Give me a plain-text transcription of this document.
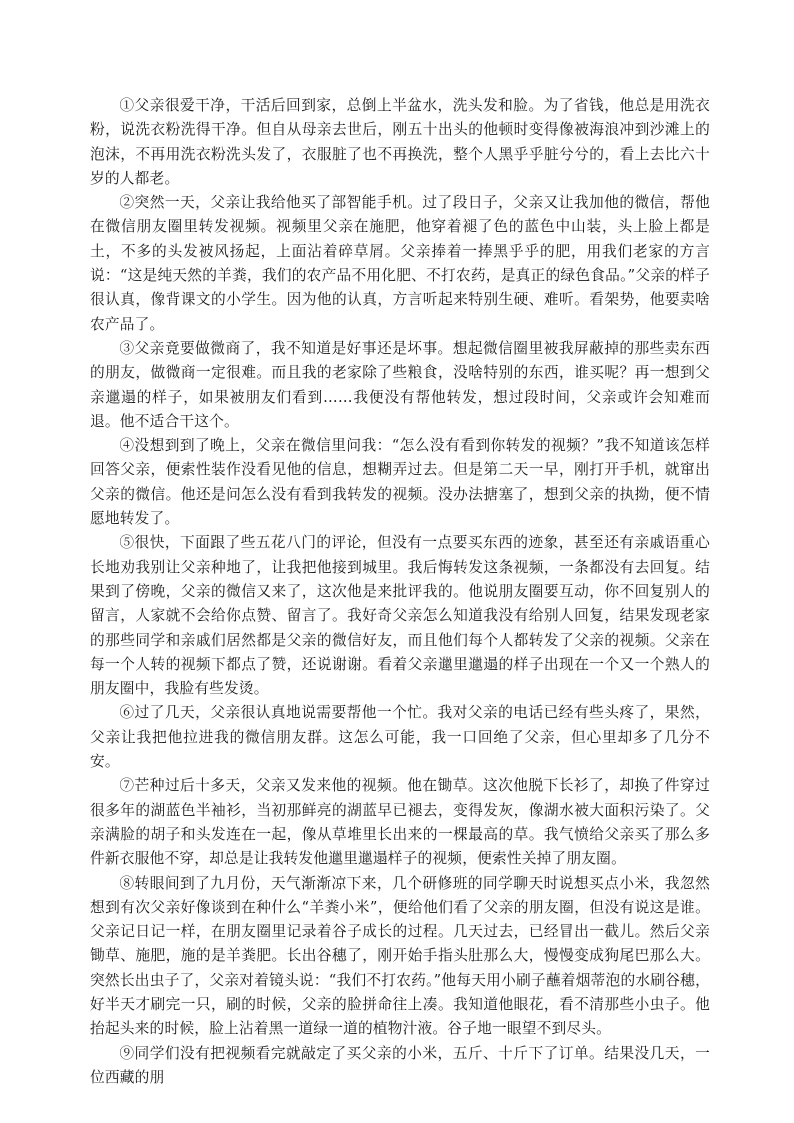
①父亲很爱干净，干活后回到家，总倒上半盆水，洗头发和脸。为了省钱，他总是用洗衣粉，说洗衣粉洗得干净。但自从母亲去世后，刚五十出头的他顿时变得像被海浪冲到沙滩上的泡沫，不再用洗衣粉洗头发了，衣服脏了也不再换洗，整个人黑乎乎脏兮兮的，看上去比六十岁的人都老。

②突然一天，父亲让我给他买了部智能手机。过了段日子，父亲又让我加他的微信，帮他在微信朋友圈里转发视频。视频里父亲在施肥，他穿着褪了色的蓝色中山装，头上脸上都是土，不多的头发被风扬起，上面沾着碎草屑。父亲捧着一捧黑乎乎的肥，用我们老家的方言说：“这是纯天然的羊粪，我们的农产品不用化肥、不打农药，是真正的绿色食品。”父亲的样子很认真，像背课文的小学生。因为他的认真，方言听起来特别生硬、难听。看架势，他要卖啥农产品了。

③父亲竟要做微商了，我不知道是好事还是坏事。想起微信圈里被我屏蔽掉的那些卖东西的朋友，做微商一定很难。而且我的老家除了些粮食，没啥特别的东西，谁买呢？再一想到父亲邋遢的样子，如果被朋友们看到……我便没有帮他转发，想过段时间，父亲或许会知难而退。他不适合干这个。

④没想到到了晚上，父亲在微信里问我：“怎么没有看到你转发的视频？”我不知道该怎样回答父亲，便索性装作没看见他的信息，想糊弄过去。但是第二天一早，刚打开手机，就窜出父亲的微信。他还是问怎么没有看到我转发的视频。没办法搪塞了，想到父亲的执拗，便不情愿地转发了。

⑤很快，下面跟了些五花八门的评论，但没有一点要买东西的迹象，甚至还有亲戚语重心长地劝我别让父亲种地了，让我把他接到城里。我后悔转发这条视频，一条都没有去回复。结果到了傍晚，父亲的微信又来了，这次他是来批评我的。他说朋友圈要互动，你不回复别人的留言，人家就不会给你点赞、留言了。我好奇父亲怎么知道我没有给别人回复，结果发现老家的那些同学和亲戚们居然都是父亲的微信好友，而且他们每个人都转发了父亲的视频。父亲在每一个人转的视频下都点了赞，还说谢谢。看着父亲邋里邋遢的样子出现在一个又一个熟人的朋友圈中，我脸有些发烫。

⑥过了几天，父亲很认真地说需要帮他一个忙。我对父亲的电话已经有些头疼了，果然，父亲让我把他拉进我的微信朋友群。这怎么可能，我一口回绝了父亲，但心里却多了几分不安。

⑦芒种过后十多天，父亲又发来他的视频。他在锄草。这次他脱下长衫了，却换了件穿过很多年的湖蓝色半袖衫，当初那鲜亮的湖蓝早已褪去，变得发灰，像湖水被大面积污染了。父亲满脸的胡子和头发连在一起，像从草堆里长出来的一棵最高的草。我气愤给父亲买了那么多件新衣服他不穿，却总是让我转发他邋里邋遢样子的视频，便索性关掉了朋友圈。

⑧转眼间到了九月份，天气渐渐凉下来，几个研修班的同学聊天时说想买点小米，我忽然想到有次父亲好像谈到在种什么“羊粪小米”，便给他们看了父亲的朋友圈，但没有说这是谁。父亲记日记一样，在朋友圈里记录着谷子成长的过程。几天过去，已经冒出一截儿。然后父亲锄草、施肥，施的是羊粪肥。长出谷穗了，刚开始手指头肚那么大，慢慢变成狗尾巴那么大。突然长出虫子了，父亲对着镜头说：“我们不打农药。”他每天用小刷子蘸着烟蒂泡的水刷谷穗，好半天才刷完一只，刷的时候，父亲的脸拼命往上凑。我知道他眼花，看不清那些小虫子。他抬起头来的时候，脸上沾着黑一道绿一道的植物汁液。谷子地一眼望不到尽头。

⑨同学们没有把视频看完就敲定了买父亲的小米，五斤、十斤下了订单。结果没几天，一位西藏的朋
